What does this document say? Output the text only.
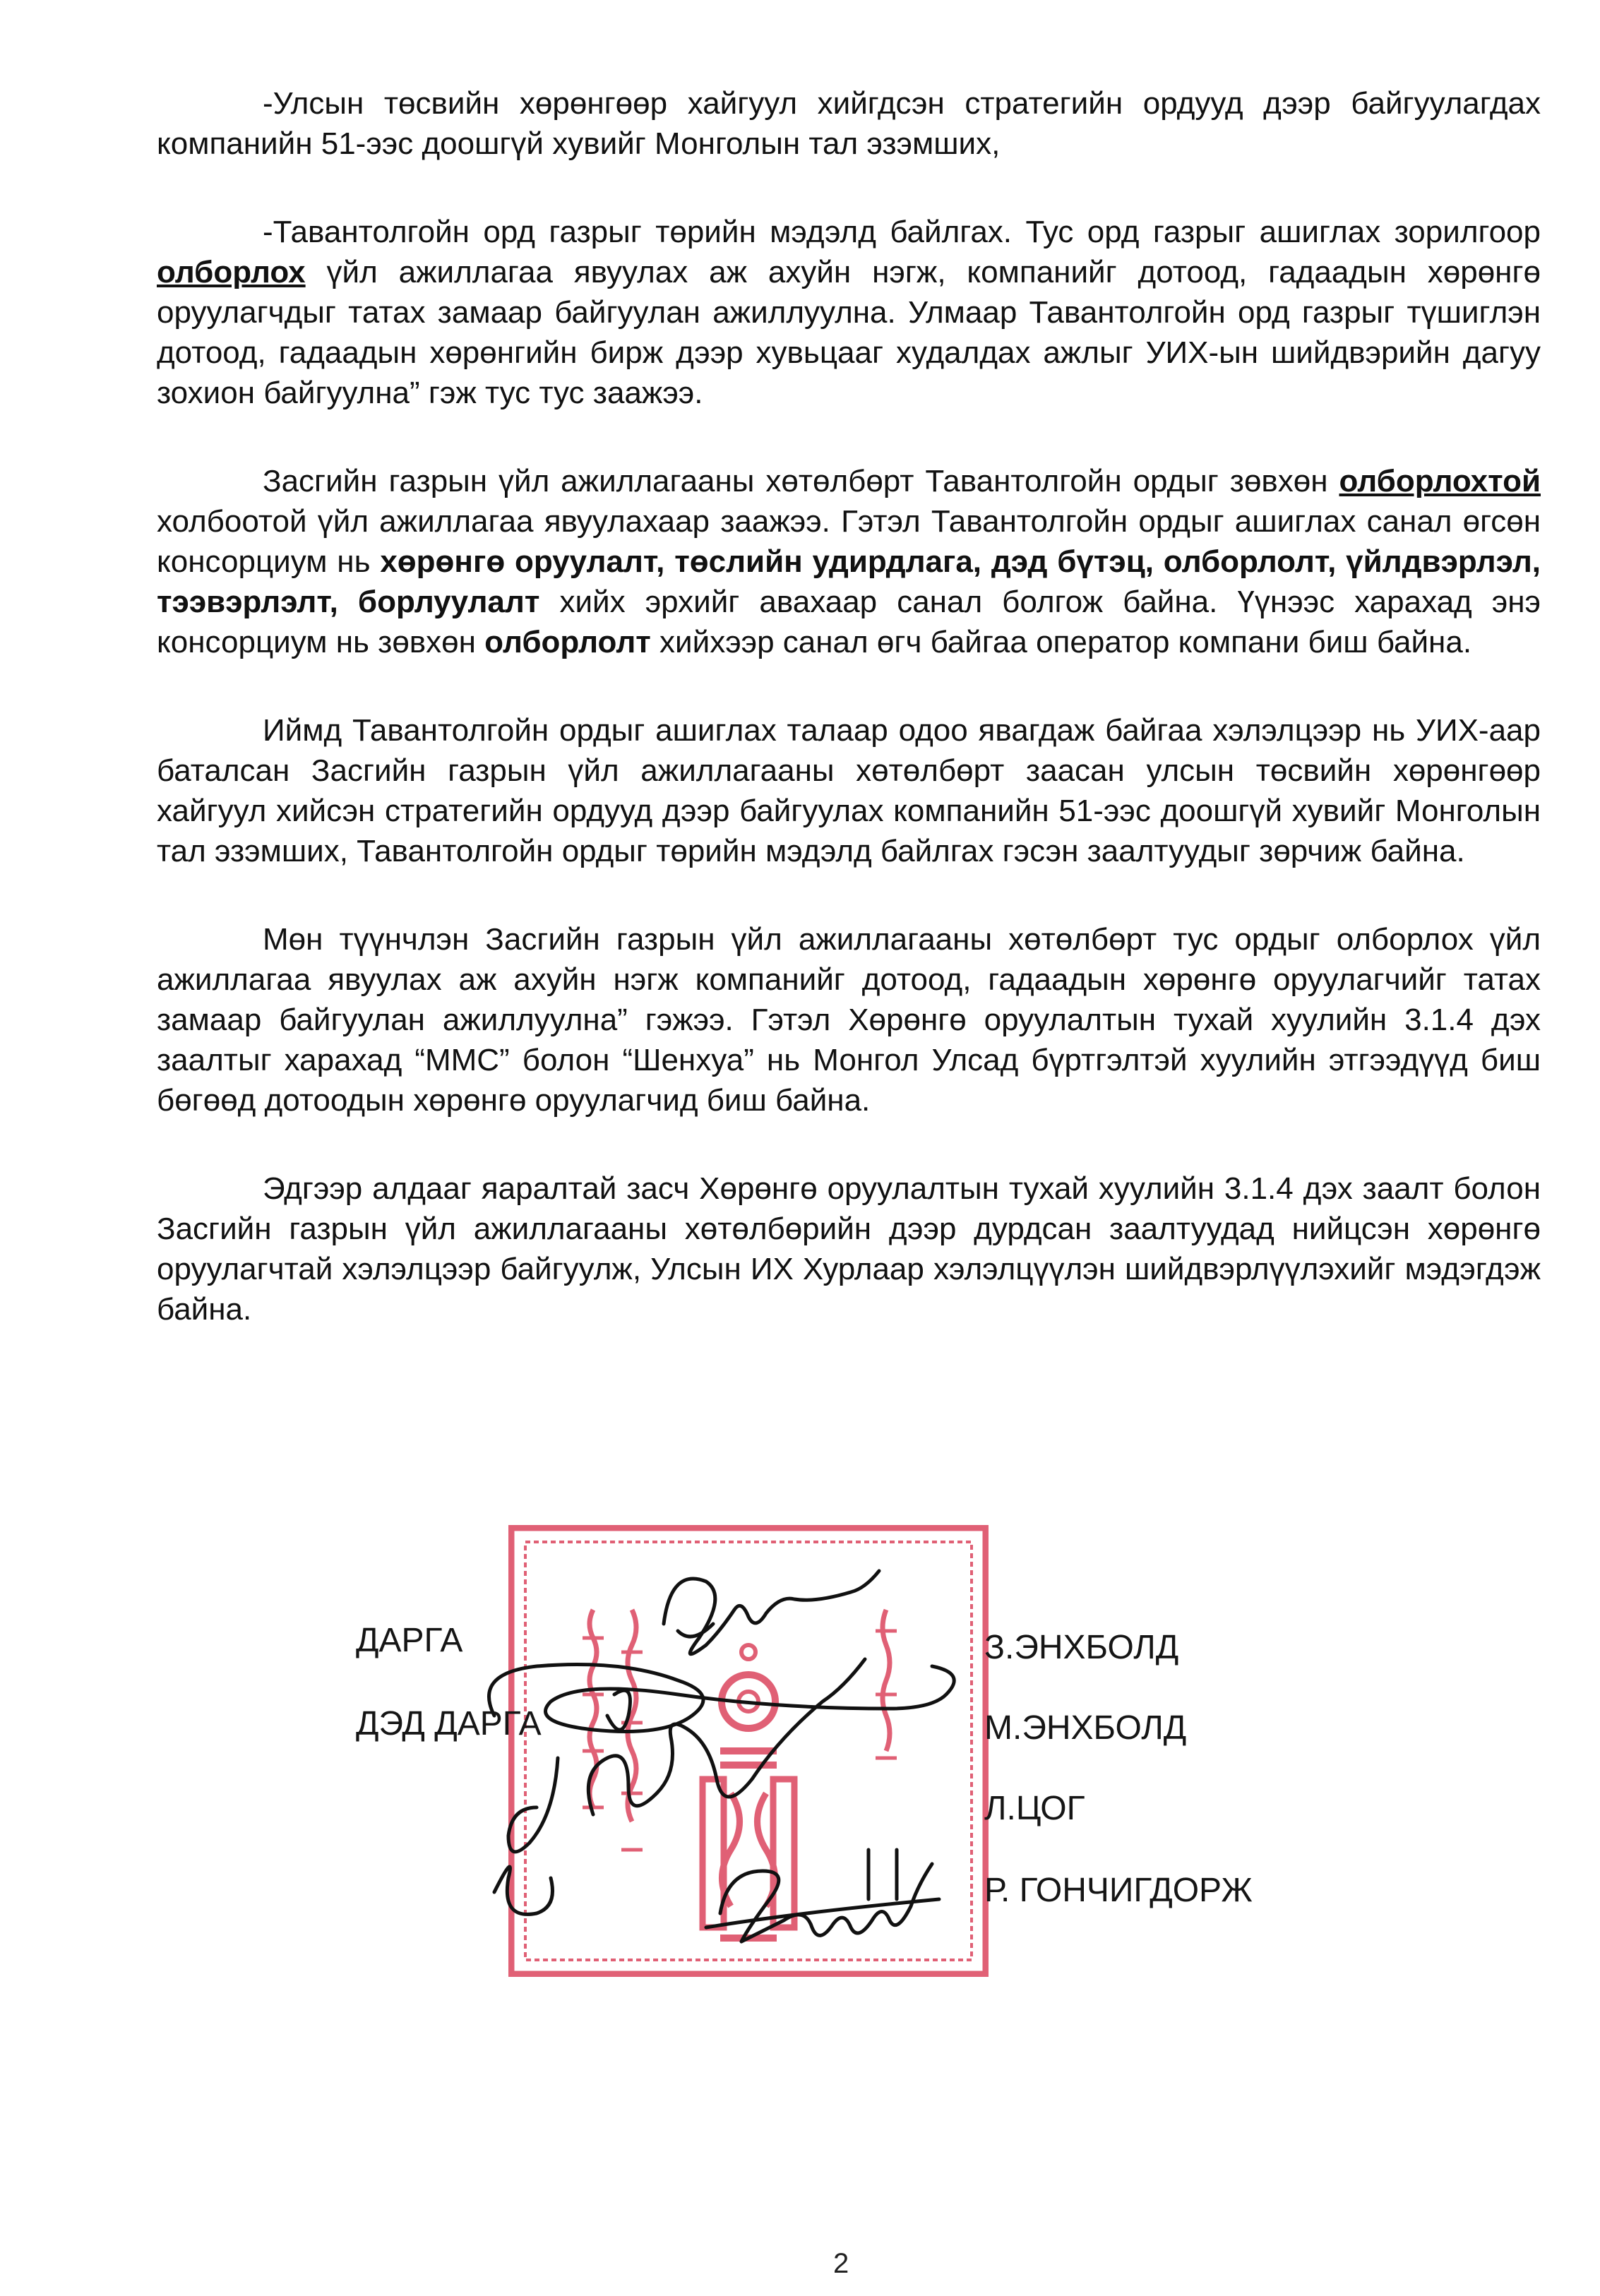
-Улсын төсвийн хөрөнгөөр хайгуул хийгдсэн стратегийн ордууд дээр байгуулагдах компанийн 51-ээс доошгүй хувийг Монголын тал эзэмших,

-Тавантолгойн орд газрыг төрийн мэдэлд байлгах. Тус орд газрыг ашиглах зорилгоор олборлох үйл ажиллагаа явуулах аж ахуйн нэгж, компанийг дотоод, гадаадын хөрөнгө оруулагчдыг татах замаар байгуулан ажиллуулна. Улмаар Тавантолгойн орд газрыг түшиглэн дотоод, гадаадын хөрөнгийн бирж дээр хувьцааг худалдах ажлыг УИХ-ын шийдвэрийн дагуу зохион байгуулна” гэж тус тус заажээ.

Засгийн газрын үйл ажиллагааны хөтөлбөрт Тавантолгойн ордыг зөвхөн олборлохтой холбоотой үйл ажиллагаа явуулахаар заажээ. Гэтэл Тавантолгойн ордыг ашиглах санал өгсөн консорциум нь хөрөнгө оруулалт, төслийн удирдлага, дэд бүтэц, олборлолт, үйлдвэрлэл, тээвэрлэлт, борлуулалт хийх эрхийг авахаар санал болгож байна. Үүнээс харахад энэ консорциум нь зөвхөн олборлолт хийхээр санал өгч байгаа оператор компани биш байна.

Иймд Тавантолгойн ордыг ашиглах талаар одоо явагдаж байгаа хэлэлцээр нь УИХ-аар баталсан Засгийн газрын үйл ажиллагааны хөтөлбөрт заасан улсын төсвийн хөрөнгөөр хайгуул хийсэн стратегийн ордууд дээр байгуулах компанийн 51-ээс доошгүй хувийг Монголын тал эзэмших, Тавантолгойн ордыг төрийн мэдэлд байлгах гэсэн заалтуудыг зөрчиж байна.

Мөн түүнчлэн Засгийн газрын үйл ажиллагааны хөтөлбөрт тус ордыг олборлох үйл ажиллагаа явуулах аж ахуйн нэгж компанийг дотоод, гадаадын хөрөнгө оруулагчийг татах замаар байгуулан ажиллуулна” гэжээ. Гэтэл Хөрөнгө оруулалтын тухай хуулийн 3.1.4 дэх заалтыг харахад “ММС” болон “Шенхуа” нь Монгол Улсад бүртгэлтэй хуулийн этгээдүүд биш бөгөөд дотоодын хөрөнгө оруулагчид биш байна.

Эдгээр алдааг яаралтай засч Хөрөнгө оруулалтын тухай хуулийн 3.1.4 дэх заалт болон Засгийн газрын үйл ажиллагааны хөтөлбөрийн дээр дурдсан заалтуудад нийцсэн хөрөнгө оруулагчтай хэлэлцээр байгуулж, Улсын ИХ Хурлаар хэлэлцүүлэн шийдвэрлүүлэхийг мэдэгдэж байна.

ДАРГА	З.ЭНХБОЛД
ДЭД ДАРГА	М.ЭНХБОЛД
Л.ЦОГ
Р. ГОНЧИГДОРЖ
2
